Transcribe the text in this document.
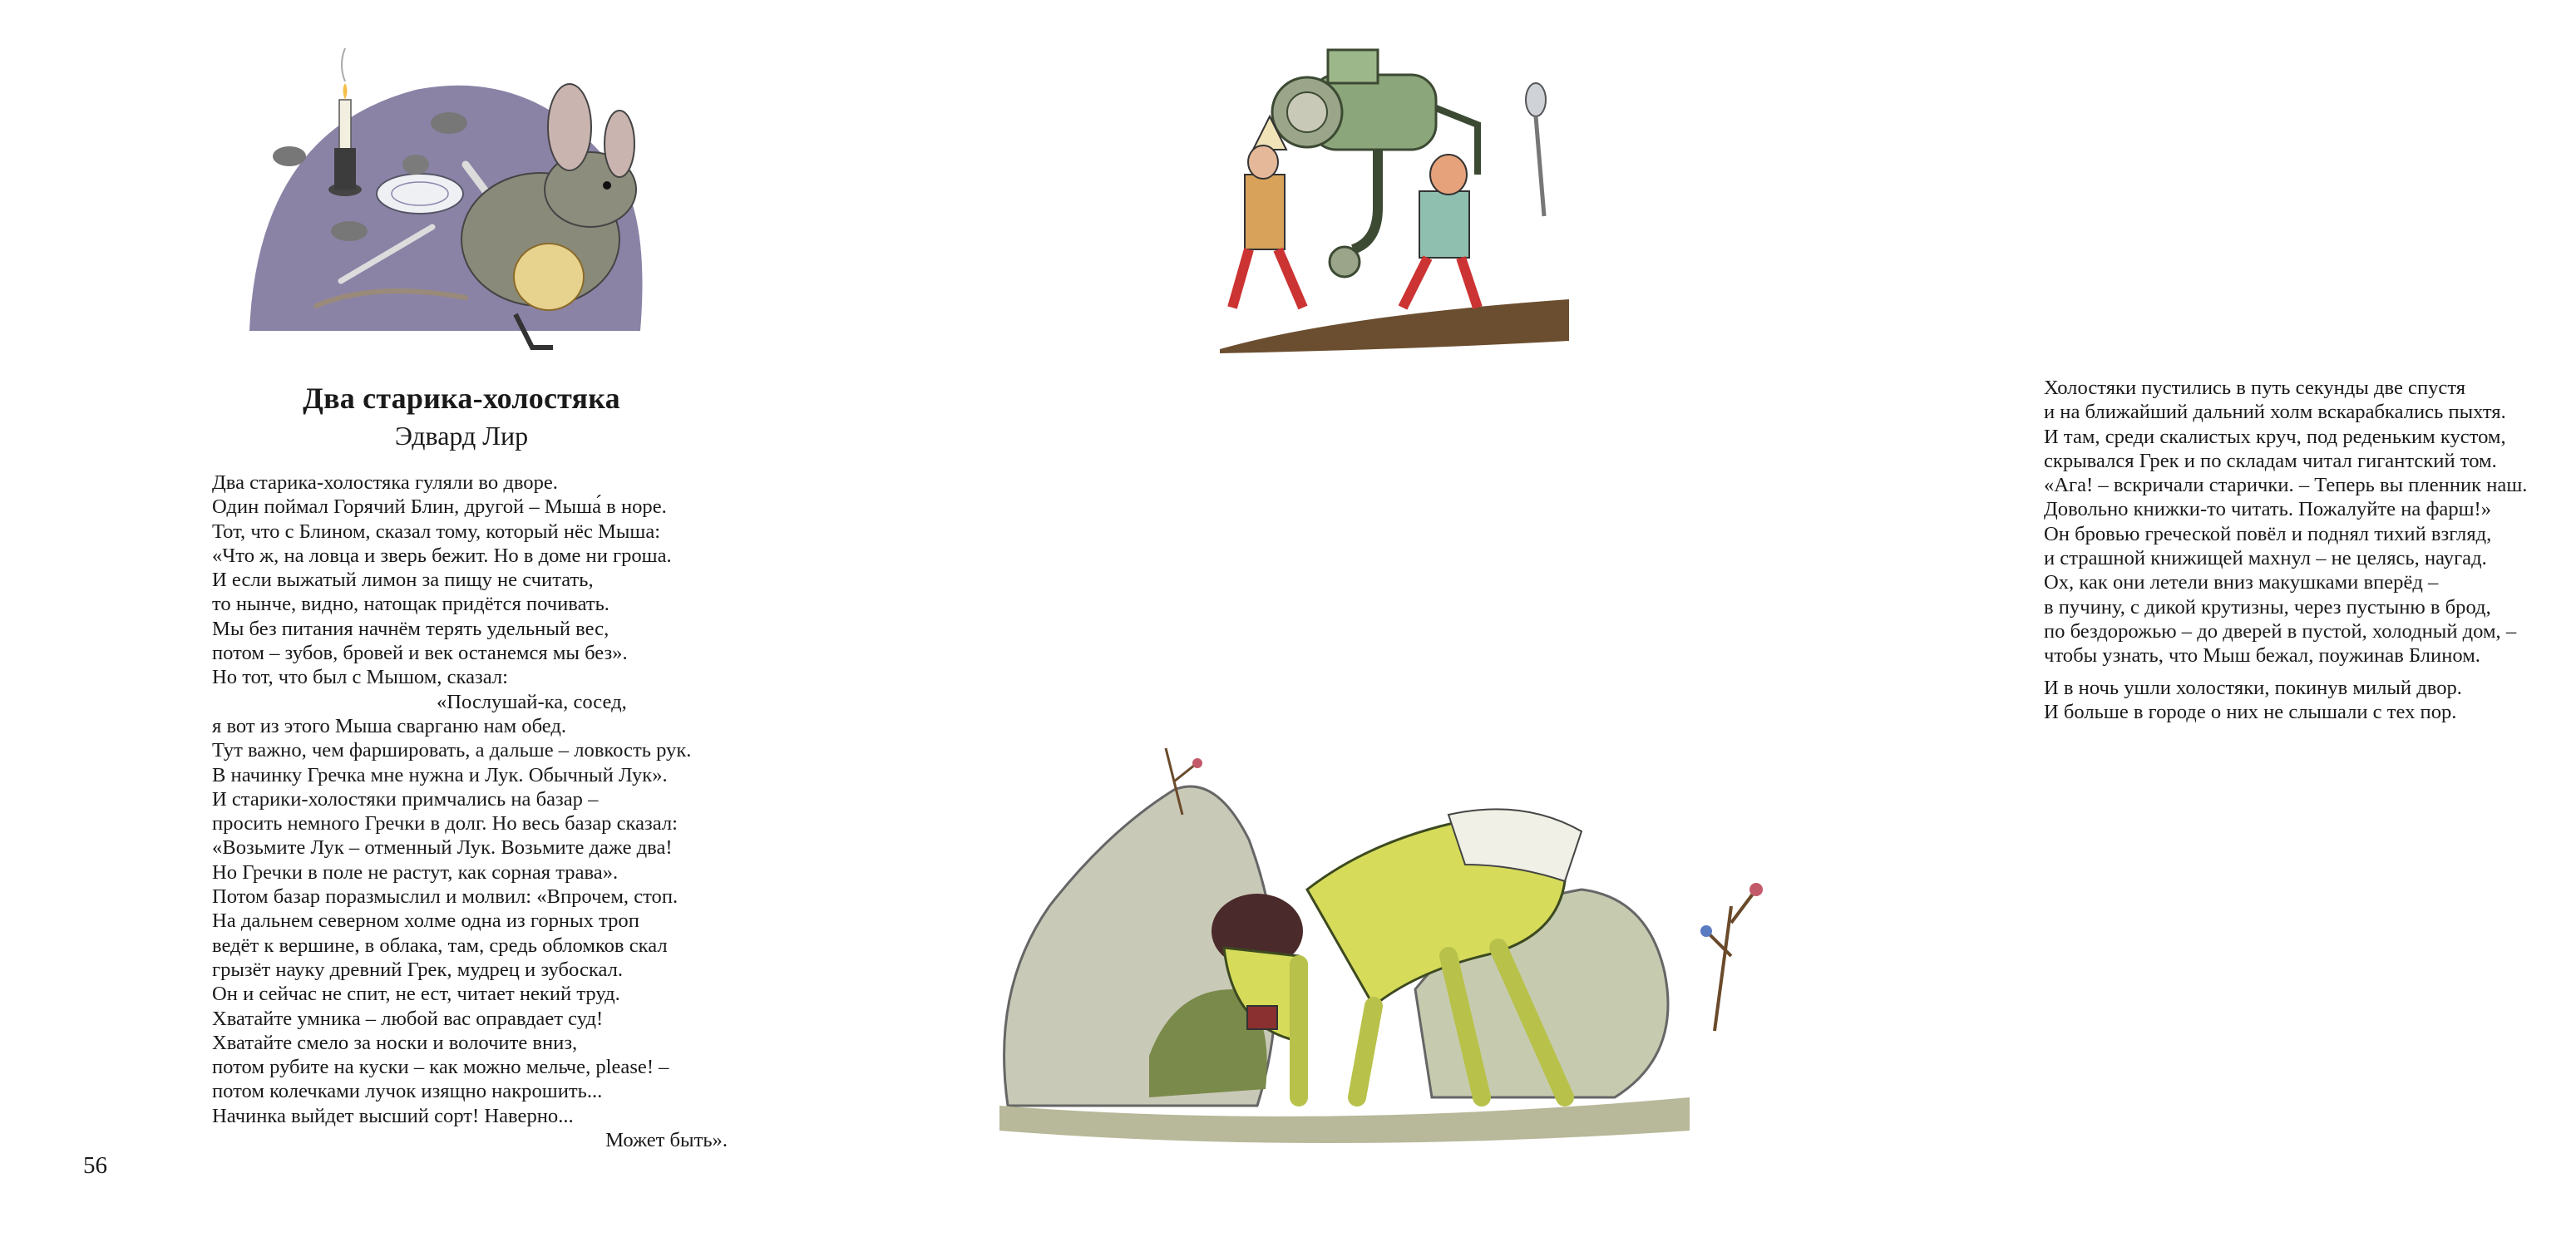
Два старика-холостяка

Эдвард Лир

Два старика-холостяка гуляли во дворе.
Один поймал Горячий Блин, другой – Мыша́ в норе.
Тот, что с Блином, сказал тому, который нёс Мыша:
«Что ж, на ловца и зверь бежит. Но в доме ни гроша.
И если выжатый лимон за пищу не считать,
то нынче, видно, натощак придётся почивать.
Мы без питания начнём терять удельный вес,
потом – зубов, бровей и век останемся мы без».
Но тот, что был с Мышом, сказал:
«Послушай-ка, сосед,
я вот из этого Мыша сварганю нам обед.
Тут важно, чем фаршировать, а дальше – ловкость рук.
В начинку Гречка мне нужна и Лук. Обычный Лук».
И старики-холостяки примчались на базар –
просить немного Гречки в долг. Но весь базар сказал:
«Возьмите Лук – отменный Лук. Возьмите даже два!
Но Гречки в поле не растут, как сорная трава».
Потом базар поразмыслил и молвил: «Впрочем, стоп.
На дальнем северном холме одна из горных троп
ведёт к вершине, в облака, там, средь обломков скал
грызёт науку древний Грек, мудрец и зубоскал.
Он и сейчас не спит, не ест, читает некий труд.
Хватайте умника – любой вас оправдает суд!
Хватайте смело за носки и волочите вниз,
потом рубите на куски – как можно мельче, please! –
потом колечками лучок изящно накрошить...
Начинка выйдет высший сорт! Наверно...
Может быть».

56

Холостяки пустились в путь секунды две спустя
и на ближайший дальний холм вскарабкались пыхтя.
И там, среди скалистых круч, под реденьким кустом,
скрывался Грек и по складам читал гигантский том.
«Ага! – вскричали старички. – Теперь вы пленник наш.
Довольно книжки-то читать. Пожалуйте на фарш!»
Он бровью греческой повёл и поднял тихий взгляд,
и страшной книжищей махнул – не целясь, наугад.
Ох, как они летели вниз макушками вперёд –
в пучину, с дикой крутизны, через пустыню в брод,
по бездорожью – до дверей в пустой, холодный дом, –
чтобы узнать, что Мыш бежал, поужинав Блином.
И в ночь ушли холостяки, покинув милый двор.
И больше в городе о них не слышали с тех пор.
